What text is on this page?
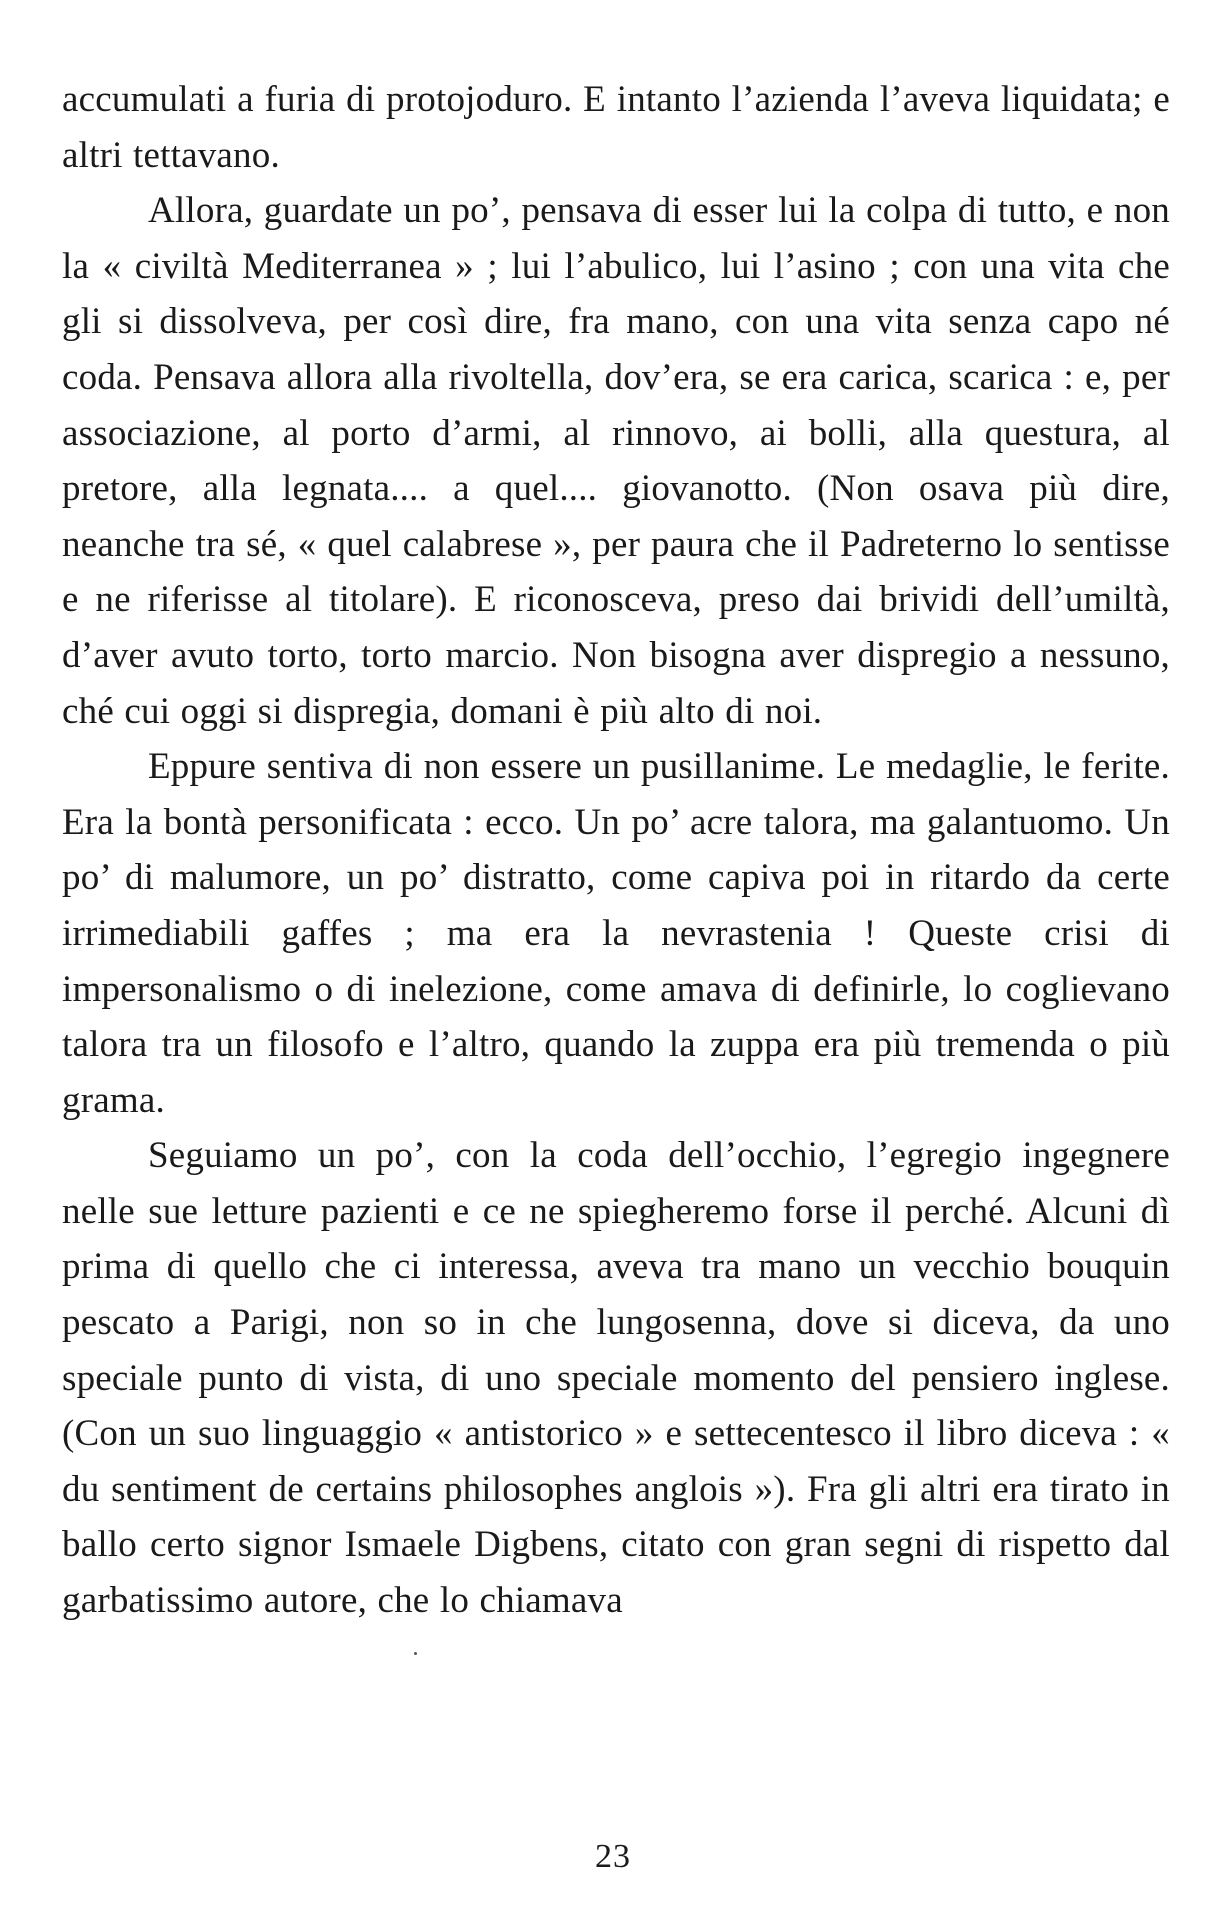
accumulati a furia di protojoduro. E intanto l’azienda l’aveva liquidata; e altri tettavano.

Allora, guardate un po’, pensava di esser lui la colpa di tutto, e non la « civiltà Mediterranea » ; lui l’abulico, lui l’asino ; con una vita che gli si dissolveva, per così dire, fra mano, con una vita senza capo né coda. Pensava allora alla rivoltella, dov’era, se era carica, scarica : e, per associazione, al porto d’armi, al rinnovo, ai bolli, alla questura, al pretore, alla legnata.... a quel.... giovanotto. (Non osava più dire, neanche tra sé, « quel calabrese », per paura che il Padreterno lo sentisse e ne riferisse al titolare). E riconosceva, preso dai brividi dell’umiltà, d’aver avuto torto, torto marcio. Non bisogna aver dispregio a nessuno, ché cui oggi si dispregia, domani è più alto di noi.

Eppure sentiva di non essere un pusillanime. Le medaglie, le ferite. Era la bontà personificata : ecco. Un po’ acre talora, ma galantuomo. Un po’ di malumore, un po’ distratto, come capiva poi in ritardo da certe irrimediabili gaffes ; ma era la nevrastenia ! Queste crisi di impersonalismo o di inelezione, come amava di definirle, lo coglievano talora tra un filosofo e l’altro, quando la zuppa era più tremenda o più grama.

Seguiamo un po’, con la coda dell’occhio, l’egregio ingegnere nelle sue letture pazienti e ce ne spiegheremo forse il perché. Alcuni dì prima di quello che ci interessa, aveva tra mano un vecchio bouquin pescato a Parigi, non so in che lungosenna, dove si diceva, da uno speciale punto di vista, di uno speciale momento del pensiero inglese. (Con un suo linguaggio « antistorico » e settecentesco il libro diceva : « du sentiment de certains philosophes anglois »). Fra gli altri era tirato in ballo certo signor Ismaele Digbens, citato con gran segni di rispetto dal garbatissimo autore, che lo chiamava

23
